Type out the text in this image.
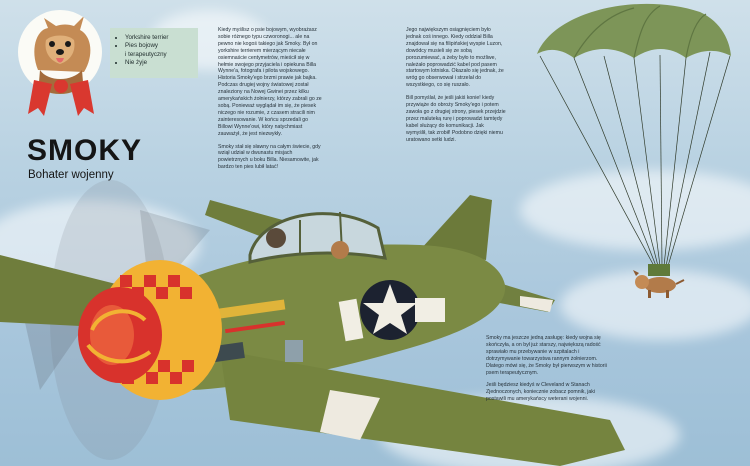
• Yorkshire terrier
• Pies bojowy
i terapeutyczny
• Nie żyje
SMOKY
Bohater wojenny

Kiedy myślisz o psie bojowym, wyobrażasz sobie różnego typu czworonogi... ale na pewno nie kogoś takiego jak Smoky. Był on yorkshire terrierem mierzącym niecałe osiemnaście centymetrów, mieścił się w hełmie swojego przyjaciela i opiekuna Billa Wynne'a, fotografa i pilota wojskowego. Historia Smoky'ego brzmi prawie jak bajka. Podczas drugiej wojny światowej został znaleziony na Nowej Gwinei przez kilku amerykańskich żołnierzy, którzy zabrali go ze sobą. Ponieważ wyglądał im się, że piesek niczego nie rozumie, z czasem stracili nim zainteresowanie. W końcu sprzedali go Billowi Wynne'owi, który natychmiast zauważył, że jest niezwykły.

Smoky stał się sławny na całym świecie, gdy wziął udział w dwunastu misjach powietrznych u boku Billa. Niesamowite, jak bardzo ten pies lubił latać!

Jego największym osiągnięciem było jednak coś innego. Kiedy oddział Billa znajdował się na filipińskiej wyspie Luzon, dowódcy musieli się ze sobą porozumiewać, a żeby było to możliwe, należało poprowadzić kabel pod pasem startowym lotniska. Okazało się jednak, że wróg go obserwował i strzelał do wszystkiego, co się ruszało.

Bill pomyślał, że jeśli jakiś konie! kiedy przywiąże do obroży Smoky'ego i potem zawoła go z drugiej strony, piesek przejdzie przez maluteką rurę i poprowadzi tamtędy kabel służący do komunikacji. Jak wymyślił, tak zrobił! Podobno dzięki niemu uratowano setki ludzi.

Smoky ma jeszcze jedną zasługę: kiedy wojna się skończyła, a on był już starszy, największą radość sprawiało mu przebywanie w szpitalach i dotrzymywanie towarzystwa rannym żołnierzom. Dlatego mówi się, że Smoky był pierwszym w historii psem terapeutycznym.

Jeśli będziesz kiedyś w Cleveland w Stanach Zjednoczonych, koniecznie zobacz pomnik, jaki postawili mu amerykańscy weterani wojenni.
